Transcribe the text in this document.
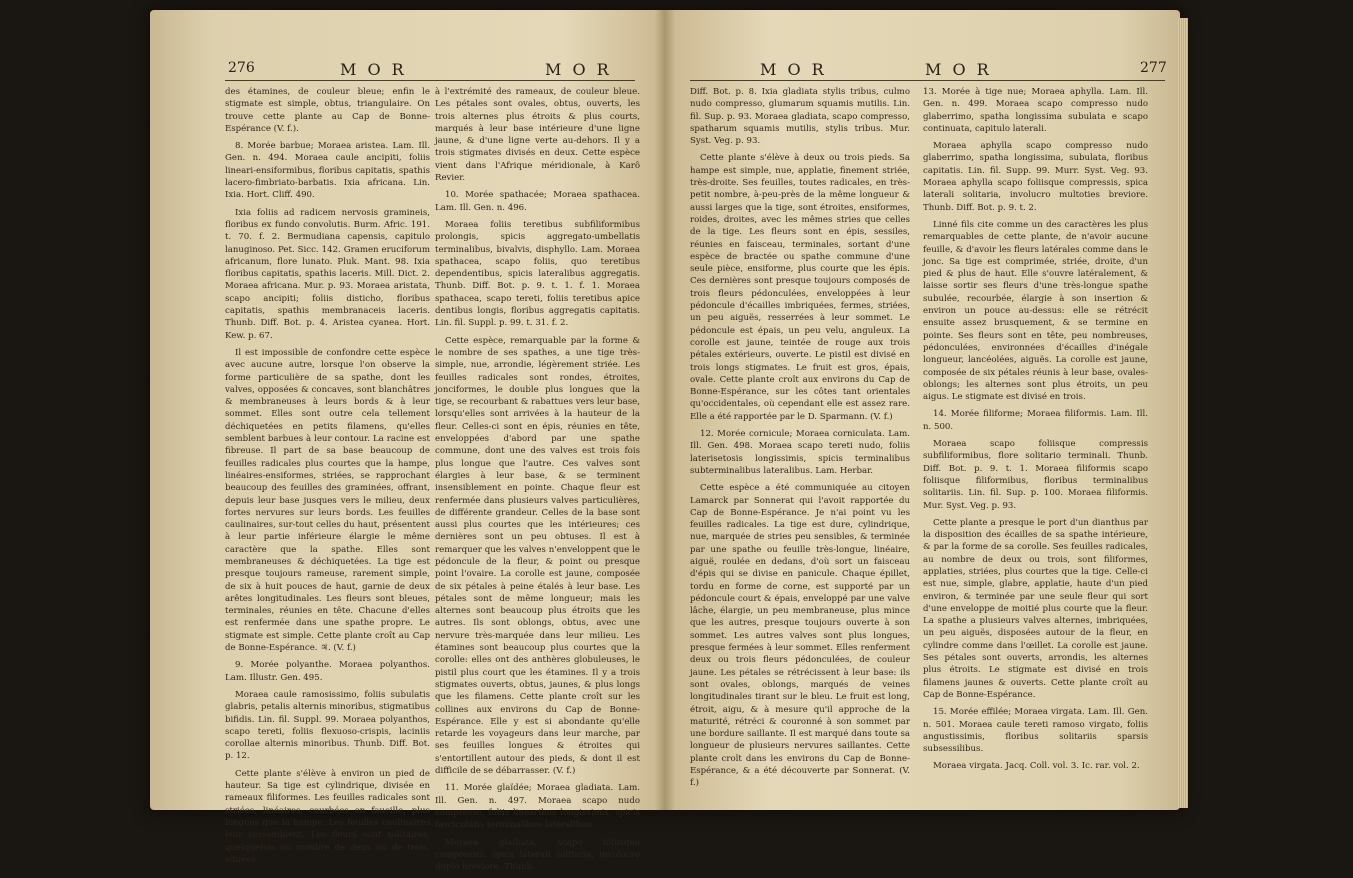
276	M O R	M O R

des étamines, de couleur bleue; enfin le stigmate est simple, obtus, triangulaire. On trouve cette plante au Cap de Bonne-Espérance (V. f.).

8. Morée barbue; Moraea aristea. Lam. Ill. Gen. n. 494. Moraea caule ancipiti, foliis lineari-ensiformibus, floribus capitatis, spathis lacero-fimbriato-barbatis. Ixia africana. Lin. Ixia. Hort. Cliff. 490.

Ixia foliis ad radicem nervosis gramineis, floribus ex fundo convolutis. Burm. Afric. 191. t. 70. f. 2. Bermudiana capensis, capitulo lanuginoso. Pet. Sicc. 142. Gramen eruciforum africanum, flore lunato. Pluk. Mant. 98. Ixia floribus capitatis, spathis laceris. Mill. Dict. 2. Moraea africana. Mur. p. 93. Moraea aristata, scapo ancipiti; foliis disticho, floribus capitatis, spathis membranaceis laceris. Thunb. Diff. Bot. p. 4. Aristea cyanea. Hort. Kew. p. 67.

Il est impossible de confondre cette espèce avec aucune autre, lorsque l'on observe la forme particulière de sa spathe, dont les valves, opposées & concaves, sont blanchâtres & membraneuses à leurs bords & à leur sommet. Elles sont outre cela tellement déchiquetées en petits filamens, qu'elles semblent barbues à leur contour. La racine est fibreuse. Il part de sa base beaucoup de feuilles radicales plus courtes que la hampe, linéaires-ensiformes, striées, se rapprochant beaucoup des feuilles des graminées, offrant, depuis leur base jusques vers le milieu, deux fortes nervures sur leurs bords. Les feuilles caulinaires, sur-tout celles du haut, présentent à leur partie inférieure élargie le même caractère que la spathe. Elles sont membraneuses & déchiquetées. La tige est presque toujours rameuse, rarement simple, de six à huit pouces de haut, garnie de deux arêtes longitudinales. Les fleurs sont bleues, terminales, réunies en tête. Chacune d'elles est renfermée dans une spathe propre. Le stigmate est simple. Cette plante croît au Cap de Bonne-Espérance. ♃. (V. f.)

9. Morée polyanthe. Moraea polyanthos. Lam. Illustr. Gen. 495.

Moraea caule ramosissimo, foliis subulatis glabris, petalis alternis minoribus, stigmatibus bifidis. Lin. fil. Suppl. 99. Moraea polyanthos, scapo tereti, foliis flexuoso-crispis, laciniis corollae alternis minoribus. Thunb. Diff. Bot. p. 12.

Cette plante s'élève à environ un pied de hauteur. Sa tige est cylindrique, divisée en rameaux filiformes. Les feuilles radicales sont striées, linéaires, courbées en faucille, plus longues que la hampe. Les feuilles caulinaires leur ressemblent. Les fleurs sont solitaires, quelquefois au nombre de deux ou de trois, situées

à l'extrémité des rameaux, de couleur bleue. Les pétales sont ovales, obtus, ouverts, les trois alternes plus étroits & plus courts, marqués à leur base intérieure d'une ligne jaune, & d'une ligne verte au-dehors. Il y a trois stigmates divisés en deux. Cette espèce vient dans l'Afrique méridionale, à Karô Revier.

10. Morée spathacée; Moraea spathacea. Lam. Ill. Gen. n. 496.

Moraea foliis teretibus subfiliformibus prolongis, spicis aggregato-umbellatis terminalibus, bivalvis, disphyllo. Lam. Moraea spathacea, scapo foliis, quo teretibus dependentibus, spicis lateralibus aggregatis. Thunb. Diff. Bot. p. 9. t. 1. f. 1. Moraea spathacea, scapo tereti, foliis teretibus apice dentibus longis, floribus aggregatis capitatis. Lin. fil. Suppl. p. 99. t. 31. f. 2.

Cette espèce, remarquable par la forme & le nombre de ses spathes, a une tige très-simple, nue, arrondie, légèrement striée. Les feuilles radicales sont rondes, étroites, jonciformes, le double plus longues que la tige, se recourbant & rabattues vers leur base, lorsqu'elles sont arrivées à la hauteur de la fleur. Celles-ci sont en épis, réunies en tête, enveloppées d'abord par une spathe commune, dont une des valves est trois fois plus longue que l'autre. Ces valves sont élargies à leur base, & se terminent insensiblement en pointe. Chaque fleur est renfermée dans plusieurs valves particulières, de différente grandeur. Celles de la base sont aussi plus courtes que les intérieures; ces dernières sont un peu obtuses. Il est à remarquer que les valves n'enveloppent que le pédoncule de la fleur, & point ou presque point l'ovaire. La corolle est jaune, composée de six pétales à peine étalés à leur base. Les pétales sont de même longueur; mais les alternes sont beaucoup plus étroits que les autres. Ils sont oblongs, obtus, avec une nervure très-marquée dans leur milieu. Les étamines sont beaucoup plus courtes que la corolle: elles ont des anthères globuleuses, le pistil plus court que les étamines. Il y a trois stigmates ouverts, obtus, jaunes, & plus longs que les filamens. Cette plante croît sur les collines aux environs du Cap de Bonne-Espérance. Elle y est si abondante qu'elle retarde les voyageurs dans leur marche, par ses feuilles longues & étroites qui s'entortillent autour des pieds, & dont il est difficile de se débarrasser. (V. f.)

11. Morée glaïdée; Moraea gladiata. Lam. Ill. Gen. n. 497. Moraea scapo nudo compresso, foliis linearibus longissimis, spicis fasciculatis terminalibus lateralibus.

Moraea gladiata, scapo foliisque compressis, spica laterali solitaria, involucro duplo breviore. Thunb.

M O R	M O R	277

Diff. Bot. p. 8. Ixia gladiata stylis tribus, culmo nudo compresso, glumarum squamis mutilis. Lin. fil. Sup. p. 93. Moraea gladiata, scapo compresso, spatharum squamis mutilis, stylis tribus. Mur. Syst. Veg. p. 93.

Cette plante s'élève à deux ou trois pieds. Sa hampe est simple, nue, applatie, finement striée, très-droite. Ses feuilles, toutes radicales, en très-petit nombre, à-peu-près de la même longueur & aussi larges que la tige, sont étroites, ensiformes, roides, droites, avec les mêmes stries que celles de la tige. Les fleurs sont en épis, sessiles, réunies en faisceau, terminales, sortant d'une espèce de bractée ou spathe commune d'une seule pièce, ensiforme, plus courte que les épis. Ces dernières sont presque toujours composés de trois fleurs pédonculées, enveloppées à leur pédoncule d'écailles imbriquées, fermes, striées, un peu aiguës, resserrées à leur sommet. Le pédoncule est épais, un peu velu, anguleux. La corolle est jaune, teintée de rouge aux trois pétales extérieurs, ouverte. Le pistil est divisé en trois longs stigmates. Le fruit est gros, épais, ovale. Cette plante croît aux environs du Cap de Bonne-Espérance, sur les côtes tant orientales qu'occidentales, où cependant elle est assez rare. Elle a été rapportée par le D. Sparmann. (V. f.)

12. Morée cornicule; Moraea corniculata. Lam. Ill. Gen. 498. Moraea scapo tereti nudo, foliis laterisetosis longissimis, spicis terminalibus subterminalibus lateralibus. Lam. Herbar.

Cette espèce a été communiquée au citoyen Lamarck par Sonnerat qui l'avoit rapportée du Cap de Bonne-Espérance. Je n'ai point vu les feuilles radicales. La tige est dure, cylindrique, nue, marquée de stries peu sensibles, & terminée par une spathe ou feuille très-longue, linéaire, aiguë, roulée en dedans, d'où sort un faisceau d'épis qui se divise en panicule. Chaque épillet, tordu en forme de corne, est supporté par un pédoncule court & épais, enveloppé par une valve lâche, élargie, un peu membraneuse, plus mince que les autres, presque toujours ouverte à son sommet. Les autres valves sont plus longues, presque fermées à leur sommet. Elles renferment deux ou trois fleurs pédonculées, de couleur jaune. Les pétales se rétrécissent à leur base: ils sont ovales, oblongs, marqués de veines longitudinales tirant sur le bleu. Le fruit est long, étroit, aigu, & à mesure qu'il approche de la maturité, rétréci & couronné à son sommet par une bordure saillante. Il est marqué dans toute sa longueur de plusieurs nervures saillantes. Cette plante croît dans les environs du Cap de Bonne-Espérance, & a été découverte par Sonnerat. (V. f.)

13. Morée à tige nue; Moraea aphylla. Lam. Ill. Gen. n. 499. Moraea scapo compresso nudo glaberrimo, spatha longissima subulata e scapo continuata, capitulo laterali.

Moraea aphylla scapo compresso nudo glaberrimo, spatha longissima, subulata, floribus capitatis. Lin. fil. Supp. 99. Murr. Syst. Veg. 93. Moraea aphylla scapo foliisque compressis, spica laterali solitaria, involucro multoties breviore. Thunb. Diff. Bot. p. 9. t. 2.

Linné fils cite comme un des caractères les plus remarquables de cette plante, de n'avoir aucune feuille, & d'avoir les fleurs latérales comme dans le jonc. Sa tige est comprimée, striée, droite, d'un pied & plus de haut. Elle s'ouvre latéralement, & laisse sortir ses fleurs d'une très-longue spathe subulée, recourbée, élargie à son insertion & environ un pouce au-dessus: elle se rétrécit ensuite assez brusquement, & se termine en pointe. Ses fleurs sont en tête, peu nombreuses, pédonculées, environnées d'écailles d'inégale longueur, lancéolées, aiguës. La corolle est jaune, composée de six pétales réunis à leur base, ovales-oblongs; les alternes sont plus étroits, un peu aigus. Le stigmate est divisé en trois.

14. Morée filiforme; Moraea filiformis. Lam. Ill. n. 500.

Moraea scapo foliisque compressis subfiliformibus, flore solitario terminali. Thunb. Diff. Bot. p. 9. t. 1. Moraea filiformis scapo foliisque filiformibus, floribus terminalibus solitariis. Lin. fil. Sup. p. 100. Moraea filiformis. Mur. Syst. Veg. p. 93.

Cette plante a presque le port d'un dianthus par la disposition des écailles de sa spathe intérieure, & par la forme de sa corolle. Ses feuilles radicales, au nombre de deux ou trois, sont filiformes, applaties, striées, plus courtes que la tige. Celle-ci est nue, simple, glabre, applatie, haute d'un pied environ, & terminée par une seule fleur qui sort d'une enveloppe de moitié plus courte que la fleur. La spathe a plusieurs valves alternes, imbriquées, un peu aiguës, disposées autour de la fleur, en cylindre comme dans l'œillet. La corolle est jaune. Ses pétales sont ouverts, arrondis, les alternes plus étroits. Le stigmate est divisé en trois filamens jaunes & ouverts. Cette plante croît au Cap de Bonne-Espérance.

15. Morée effilée; Moraea virgata. Lam. Ill. Gen. n. 501. Moraea caule tereti ramoso virgato, foliis angustissimis, floribus solitariis sparsis subsessilibus.

Moraea virgata. Jacq. Coll. vol. 3. Ic. rar. vol. 2.
